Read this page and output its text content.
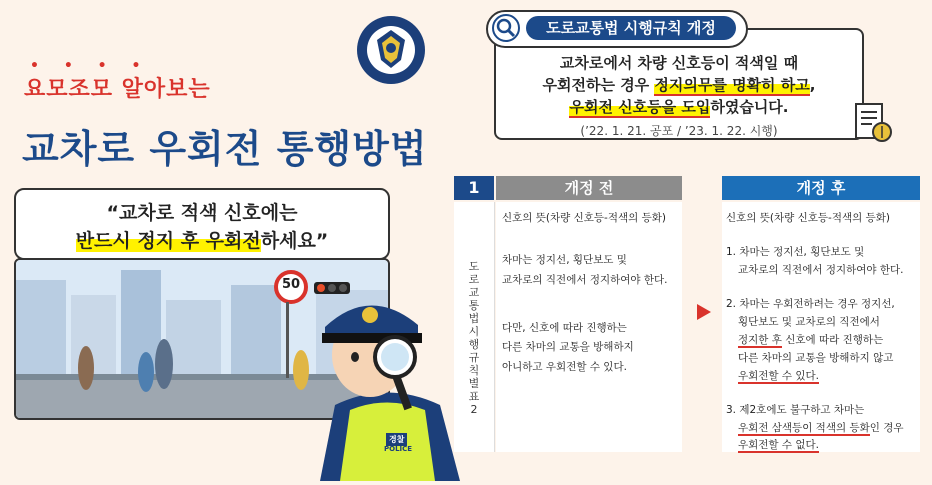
• • • •
요모조모 알아보는
교차로 우회전 통행방법
“교차로 적색 신호에는
반드시 정지 후 우회전하세요”
50
경찰
POLICE
교차로에서 차량 신호등이 적색일 때
우회전하는 경우 정지의무를 명확히 하고,
우회전 신호등을 도입하였습니다.
(’22. 1. 21. 공포 / ’23. 1. 22. 시행)
도로교통법 시행규칙 개정
1	개정 전	개정 후
도로교통법 시행규칙 별표 2
신호의 뜻(차량 신호등-적색의 등화)
차마는 정지선, 횡단보도 및
교차로의 직전에서 정지하여야 한다.
다만, 신호에 따라 진행하는
다른 차마의 교통을 방해하지
아니하고 우회전할 수 있다.
신호의 뜻(차량 신호등-적색의 등화)
1. 차마는 정지선, 횡단보도 및
교차로의 직전에서 정지하여야 한다.
2. 차마는 우회전하려는 경우 정지선,
횡단보도 및 교차로의 직전에서
정지한 후 신호에 따라 진행하는
다른 차마의 교통을 방해하지 않고
우회전할 수 있다.
3. 제2호에도 불구하고 차마는
우회전 삼색등이 적색의 등화인 경우
우회전할 수 없다.
